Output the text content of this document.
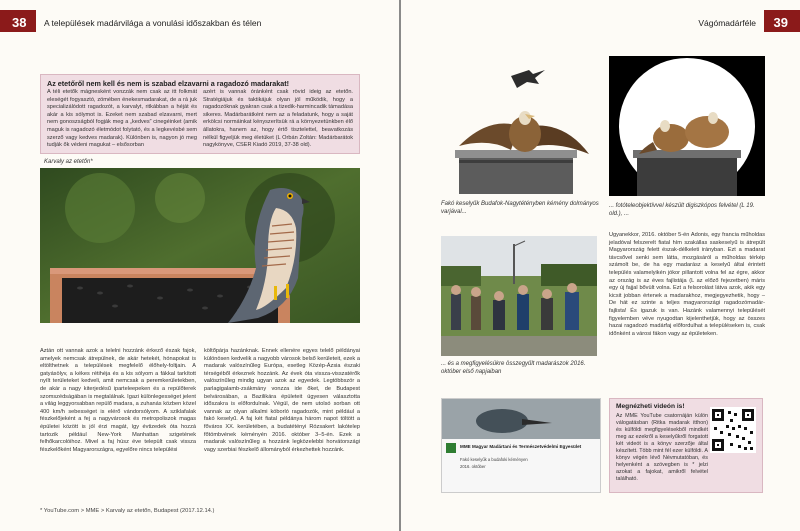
38 A települések madárvilága a vonulási időszakban és télen
Az etetőről nem kell és nem is szabad elzavarni a ragadozó madarakat!
A téli etetők mágnesként vonzzák nem csak az itt folkmát eleségét fogyasztó, zömében énekesmadarakat, de a rá juk specializálódott ragadozót, a karvalyt, ritkábban a héját és akár a kis sólymot is. Ezeket nem szabad elzavarni, mert nem gonoszságból fogják meg a „kedves” cinegéinket (amik maguk is ragadozó életmódot folytató, és a legkevésbé sem szerző vagy kedves madarak). Különben is, nagyon jó meg tudják ők védeni magukat – elsősorban
azért is vannak óránként csak rövid ideig az etetőn. Stratégiájuk és taktikájuk olyan jól működik, hogy a ragadozóknak gyakran csak a tizedik-harmincadik támadása sikeres. Madárbarátként nem az a feladatunk, hogy a saját erkölcsi normáinkat kényszerítsük rá a környezetünkben élő állatokra, hanem az, hogy értő tisztelettel, beavatkozás nélkül figyeljük meg életüket (L Orbán Zoltán: Madárbarátok nagykönyve, CSER Kiadó 2019, 37-38 old).
Karvaly az etetőn*
Aztán ott vannak azok a telelni hozzánk érkező észak fajok, amelyek nemcsak átrepülnek, de akár hetekét, hónapokat is eltölthetnek a települések megfelelő élőhely-foltjain. A gatyásölyv, a kékes rétihéja és a kis sólyom a fákkal tarkított nyílt területeket kedveli, amit nemcsak a peremkerületekben, de akár a nagy kiterjedésű iparteleepeken és a repülőterek szomszédságában is megtalálnak. Igazi különlegességet jelent a világ leggyorsabban repülő madara, a zuhanás közben közel 400 km/h sebességet is elérő vándorsólyom. A sziklafalak fészkelőjeként a fej a nagyvárosok és metropoliszok magas épületei között is jól érzi magát, így évtizedek óta hozzá tartozik például New-York Manhattan szigetének felhőkarcolóihoz. Mivel a faj húsz éve települt csak vissza fészkelőként Magyarországra, egyelőre nincs települési
költőpárja hazánknak. Ennek ellenére egyes telelő példányai különösen kedvelik a nagyobb városok belső kerületeit, ezek a madarak valószínűleg Európa, esetleg Közép-Ázsia északi térségéből érkeznek hozzánk. Az évek óta vissza-visszatérők valószínűleg mindig ugyan azok az egyedek. Legtöbbször a parlagigalamb-zsákmány vonzza ide őket, de Budapest belvárosában, a Bazilikára épületeit ügyesen választotta időszakra is előfordulnak. Végül, de nem utolsó sorban ott vannak az olyan alkalmi kóborló ragadozók, mint például a fakó keselyű. A faj két fiatal példánya három napot töltött a főváros XX. kerületében, a budatétényi Rózsakert lakótelep főtömbvének kéményén 2016. október 3–5-én. Ezek a madarak valószínűleg a hozzánk legközelebbi horvátországi vagy szerbiai fészkelő állományból érkezhettek hozzánk.
* YouTube.com > MME > Karvaly az etetőn, Budapest (2017.12.14.)
39
Vágómadárféle
Fakó keselyűk Budafok-Nagytétényben kémény dolmányos varjával...
... fotóteleobjektívvel készült digiszkópos felvétel (L 19. old.), ...
... és a megfigyelésükre összegyűlt madarászok 2016. október első napjaiban
Ugyanekkor, 2016. október 5-én Adonis, egy francia műholdas jeladóval felszerelt fiatal hím szakállas saskeselyű is átrepült Magyarország felett észak-délkeleti irányban. Ezt a madarat távcsővel senki sem látta, mozgásáról a műholdas térkép számolt be, de ha egy madarász a keselyű által érintett település valamelyikén jókor pillantott volna fel az égre, akkor az ország is az éves fajlistája (L az előző fejezetben) máris egy új fajjal bővült volna. Ezt a felsorolást látva azok, akik egy kicsit jobban értenek a madarakhoz, megjegyezhetik, hogy – De hát ez szinte a teljes magyarországi ragadozómadár-fajlista! És igazuk is van. Hazánk valamennyi települését figyelemben véve nyugodtan kijelenthetjük, hogy az összes hazai ragadozó madárfaj előfordulhat a településeken is, csak időnként a városi fákon vagy az épületeken.
MME Magyar Madártani és Természetvédelmi Egyesület
Fakó keselyűk a budafoki kéményen
2016. október
Megnézheti videón is!
Az MME YouTube csatornáján külön válogatásban (Ritka madarak itthon) és külföldi megfigyelésekből mindkét meg az ezekről a keselyűkről forgatott két videót is a könyv szerzője által készített. Több mint fél ezer külföldi. A könyv végén lévő Névmutatóban, és helyenként a szövegben is * jelzi azokat a fajokat, amikről felvétel található.
